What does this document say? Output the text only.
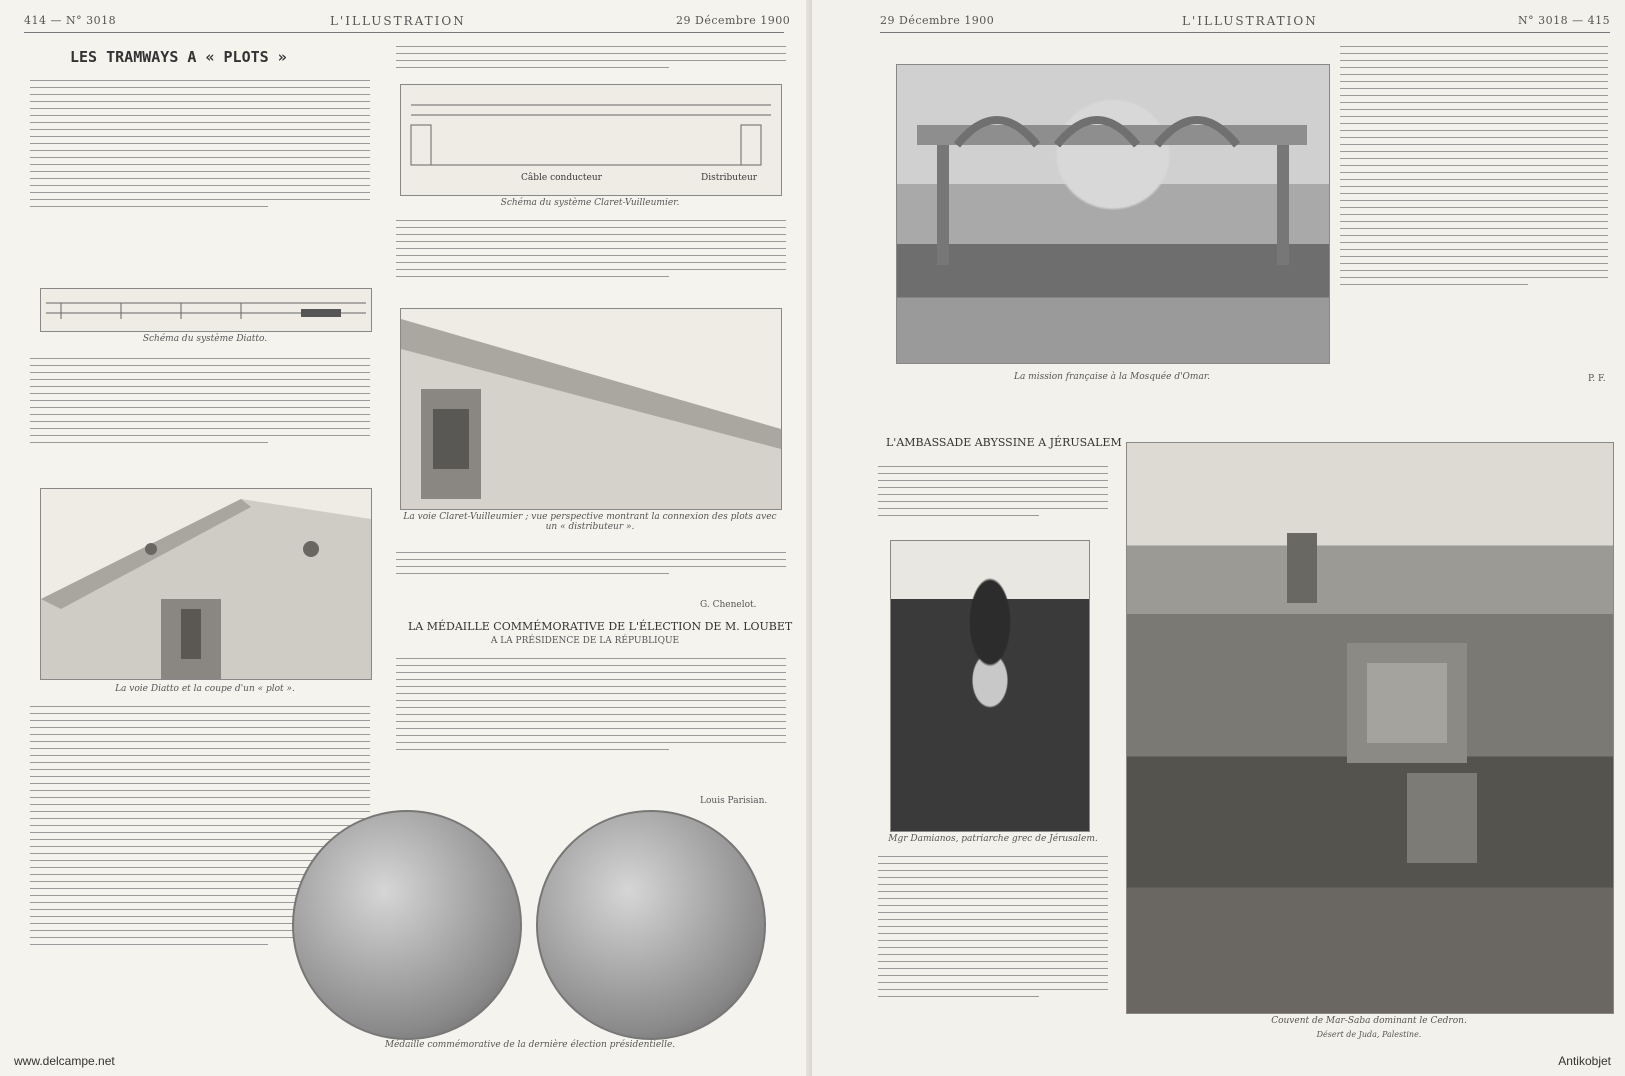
414 — N° 3018	L'ILLUSTRATION	29 Décembre 1900
LES TRAMWAYS A « PLOTS »
Schéma du système Diatto.
La voie Diatto et la coupe d'un « plot ».
Câble conducteur	Distributeur
Schéma du système Claret-Vuilleumier.
La voie Claret-Vuilleumier ; vue perspective montrant la connexion des plots avec un « distributeur ».
G. Chenelot.
LA MÉDAILLE COMMÉMORATIVE DE L'ÉLECTION DE M. LOUBET
A LA PRÉSIDENCE DE LA RÉPUBLIQUE
Louis Parisian.
Médaille commémorative de la dernière élection présidentielle.
29 Décembre 1900	L'ILLUSTRATION	N° 3018 — 415
La mission française à la Mosquée d'Omar.	P. F.
L'AMBASSADE ABYSSINE A JÉRUSALEM
Mgr Damianos, patriarche grec de Jérusalem.
Couvent de Mar-Saba dominant le Cedron.
Désert de Juda, Palestine.
www.delcampe.net	Antikobjet
